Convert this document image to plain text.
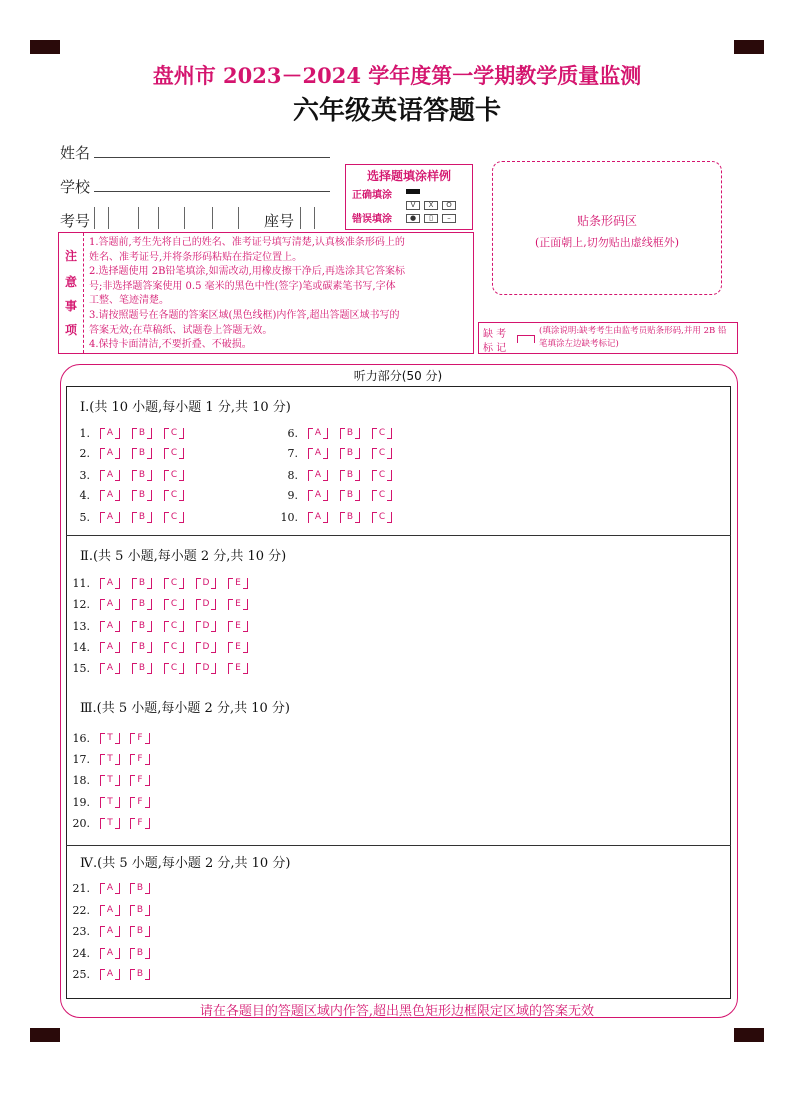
盘州市 2023－2024 学年度第一学期教学质量监测
六年级英语答题卡
姓名
学校
考号	座号
选择题填涂样例
正确填涂
错误填涂
V	X	O
●	▯	–	贴条形码区
(正面朝上,切勿贴出虚线框外)
注
意
事
项
1.答题前,考生先将自己的姓名、准考证号填写清楚,认真核准条形码上的
姓名、准考证号,并将条形码粘贴在指定位置上。
2.选择题使用 2B铅笔填涂,如需改动,用橡皮擦干净后,再选涂其它答案标
号;非选择题答案使用 0.5 毫米的黑色中性(签字)笔或碳素笔书写,字体
工整、笔迹清楚。
3.请按照题号在各题的答案区域(黑色线框)内作答,超出答题区域书写的
答案无效;在草稿纸、试题卷上答题无效。
4.保持卡面清洁,不要折叠、不破损。
缺 考
标 记
(填涂说明:缺考考生由监考员贴条形码,并用 2B 铅笔填涂左边缺考标记)
听力部分(50 分)
Ⅰ.(共 10 小题,每小题 1 分,共 10 分)
Ⅱ.(共 5 小题,每小题 2 分,共 10 分)
Ⅲ.(共 5 小题,每小题 2 分,共 10 分)
Ⅳ.(共 5 小题,每小题 2 分,共 10 分)
1.	A	B	C
2.	A	B	C
3.	A	B	C
4.	A	B	C
5.	A	B	C
6.	A	B	C
7.	A	B	C
8.	A	B	C
9.	A	B	C
10.	A	B	C
11.	A	B	C	D	E
12.	A	B	C	D	E
13.	A	B	C	D	E
14.	A	B	C	D	E
15.	A	B	C	D	E
16.	T	F
17.	T	F
18.	T	F
19.	T	F
20.	T	F
21.	A	B
22.	A	B
23.	A	B
24.	A	B
25.	A	B
请在各题目的答题区域内作答,超出黑色矩形边框限定区域的答案无效
